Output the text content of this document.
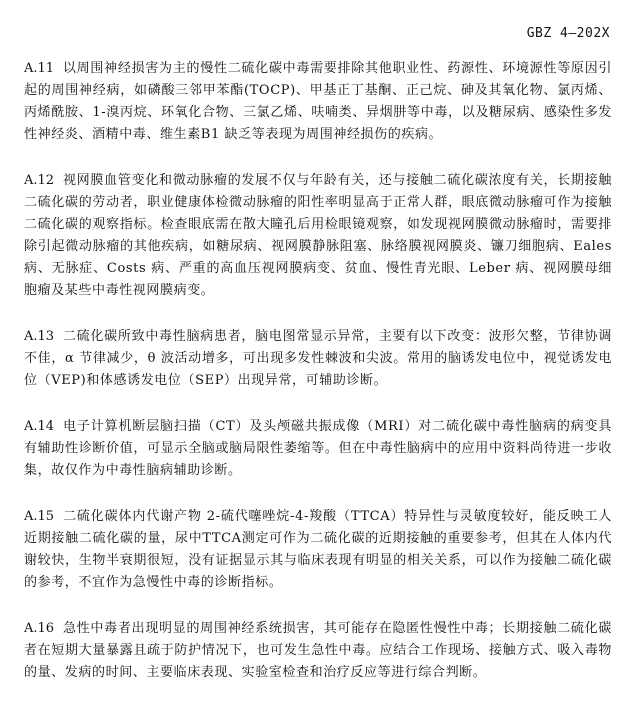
GBZ 4—202X

A.11 以周围神经损害为主的慢性二硫化碳中毒需要排除其他职业性、药源性、环境源性等原因引起的周围神经病，如磷酸三邻甲苯酯(TOCP)、甲基正丁基酮、正己烷、砷及其氧化物、氯丙烯、丙烯酰胺、1-溴丙烷、环氧化合物、三氯乙烯、呋喃类、异烟肼等中毒，以及糖尿病、感染性多发性神经炎、酒精中毒、维生素B1 缺乏等表现为周围神经损伤的疾病。

A.12 视网膜血管变化和微动脉瘤的发展不仅与年龄有关，还与接触二硫化碳浓度有关，长期接触二硫化碳的劳动者，职业健康体检微动脉瘤的阳性率明显高于正常人群，眼底微动脉瘤可作为接触二硫化碳的观察指标。检查眼底需在散大瞳孔后用检眼镜观察，如发现视网膜微动脉瘤时，需要排除引起微动脉瘤的其他疾病，如糖尿病、视网膜静脉阻塞、脉络膜视网膜炎、镰刀细胞病、Eales 病、无脉症、Costs 病、严重的高血压视网膜病变、贫血、慢性青光眼、Leber 病、视网膜母细胞瘤及某些中毒性视网膜病变。

A.13 二硫化碳所致中毒性脑病患者，脑电图常显示异常，主要有以下改变：波形欠整，节律协调不佳，α 节律减少，θ 波活动增多，可出现多发性棘波和尖波。常用的脑诱发电位中，视觉诱发电位（VEP)和体感诱发电位（SEP）出现异常，可辅助诊断。

A.14 电子计算机断层脑扫描（CT）及头颅磁共振成像（MRI）对二硫化碳中毒性脑病的病变具有辅助性诊断价值，可显示全脑或脑局限性萎缩等。但在中毒性脑病中的应用中资料尚待进一步收集，故仅作为中毒性脑病辅助诊断。

A.15 二硫化碳体内代谢产物 2-硫代噻唑烷-4-羧酸（TTCA）特异性与灵敏度较好，能反映工人近期接触二硫化碳的量，尿中TTCA测定可作为二硫化碳的近期接触的重要参考，但其在人体内代谢较快，生物半衰期很短，没有证据显示其与临床表现有明显的相关关系，可以作为接触二硫化碳的参考，不宜作为急慢性中毒的诊断指标。

A.16 急性中毒者出现明显的周围神经系统损害，其可能存在隐匿性慢性中毒；长期接触二硫化碳者在短期大量暴露且疏于防护情况下，也可发生急性中毒。应结合工作现场、接触方式、吸入毒物的量、发病的时间、主要临床表现、实验室检查和治疗反应等进行综合判断。
